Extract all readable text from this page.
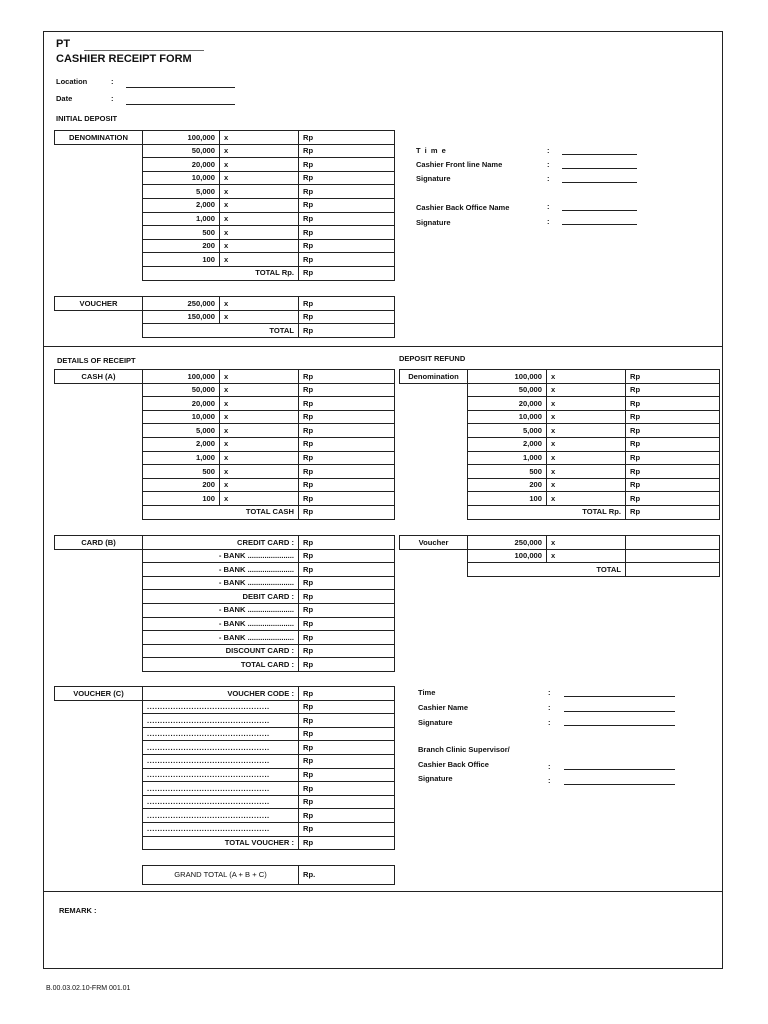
PT
CASHIER RECEIPT FORM
Location	:
Date	:
INITIAL DEPOSIT
DENOMINATION	100,000	x	Rp
	50,000	x	Rp
	20,000	x	Rp
	10,000	x	Rp
	5,000	x	Rp
	2,000	x	Rp
	1,000	x	Rp
	500	x	Rp
	200	x	Rp
	100	x	Rp
	TOTAL Rp.		Rp
VOUCHER	250,000	x	Rp
	150,000	x	Rp
	TOTAL		Rp
T i m e	:
Cashier Front line Name	:
Signature	:
Cashier Back Office Name	:
Signature	:
DETAILS OF RECEIPT
CASH (A)	100,000	x	Rp
	50,000	x	Rp
	20,000	x	Rp
	10,000	x	Rp
	5,000	x	Rp
	2,000	x	Rp
	1,000	x	Rp
	500	x	Rp
	200	x	Rp
	100	x	Rp
	TOTAL CASH		Rp
CARD (B)	CREDIT CARD :	Rp
	- BANK ......................	Rp
	- BANK ......................	Rp
	- BANK ......................	Rp
	DEBIT CARD :	Rp
	- BANK ......................	Rp
	- BANK ......................	Rp
	- BANK ......................	Rp
	DISCOUNT CARD :	Rp
	TOTAL CARD :	Rp
VOUCHER (C)	VOUCHER CODE :	Rp
	...............................................	Rp
	...............................................	Rp
	...............................................	Rp
	...............................................	Rp
	...............................................	Rp
	...............................................	Rp
	...............................................	Rp
	...............................................	Rp
	...............................................	Rp
	...............................................	Rp
	TOTAL VOUCHER :	Rp
GRAND TOTAL (A + B + C)	Rp.
DEPOSIT REFUND
Denomination	100,000	x	Rp
	50,000	x	Rp
	20,000	x	Rp
	10,000	x	Rp
	5,000	x	Rp
	2,000	x	Rp
	1,000	x	Rp
	500	x	Rp
	200	x	Rp
	100	x	Rp
	TOTAL Rp.		Rp
Voucher	250,000	x	
	100,000	x	
	TOTAL		
Time	:
Cashier Name	:
Signature	:
Branch Clinic Supervisor/
Cashier Back Office	:
Signature	:
REMARK :
B.00.03.02.10-FRM 001.01
